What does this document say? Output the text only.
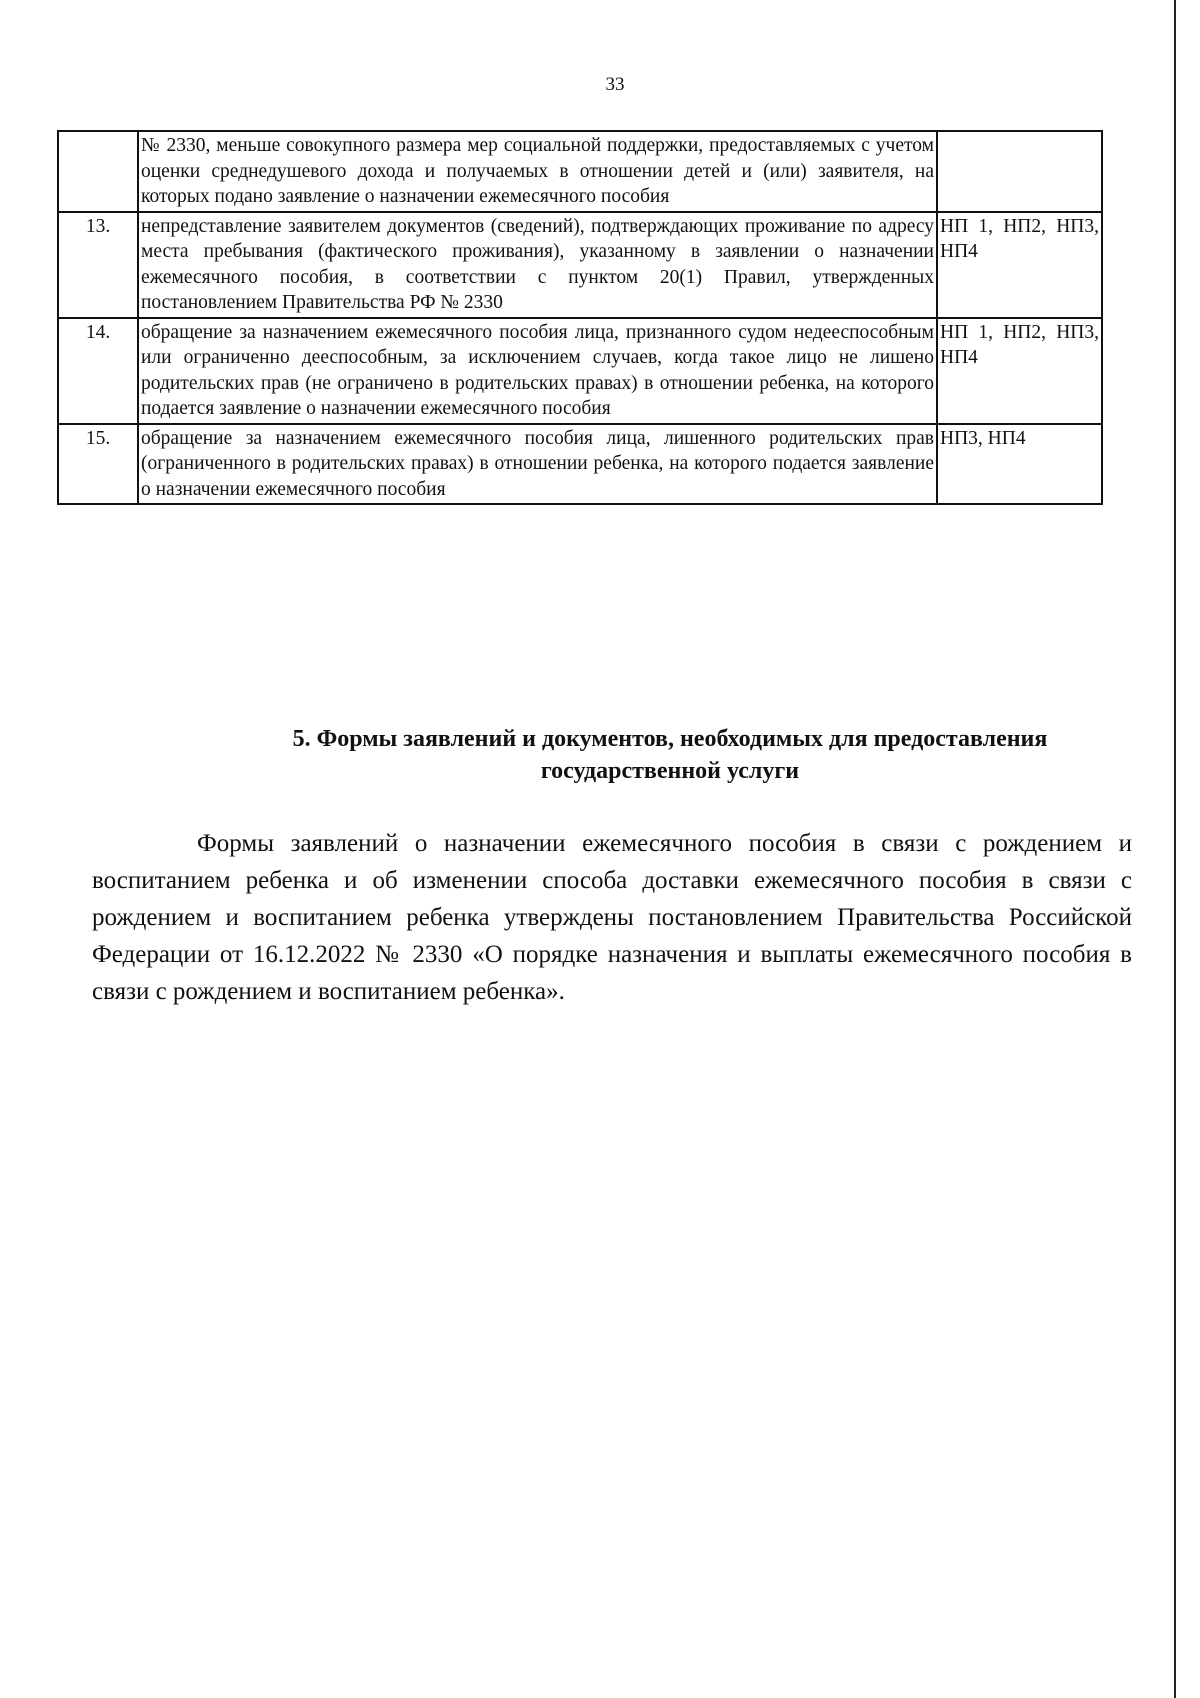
33
	№ 2330, меньше совокупного размера мер социальной поддержки, предоставляемых с учетом оценки среднедушевого дохода и получаемых в отношении детей и (или) заявителя, на которых подано заявление о назначении ежемесячного пособия	
13.	непредставление заявителем документов (сведений), подтверждающих проживание по адресу места пребывания (фактического проживания), указанному в заявлении о назначении ежемесячного пособия, в соответствии с пунктом 20(1) Правил, утвержденных постановлением Правительства РФ № 2330	НП 1, НП2, НП3, НП4
14.	обращение за назначением ежемесячного пособия лица, признанного судом недееспособным или ограниченно дееспособным, за исключением случаев, когда такое лицо не лишено родительских прав (не ограничено в родительских правах) в отношении ребенка, на которого подается заявление о назначении ежемесячного пособия	НП 1, НП2, НП3, НП4
15.	обращение за назначением ежемесячного пособия лица, лишенного родительских прав (ограниченного в родительских правах) в отношении ребенка, на которого подается заявление о назначении ежемесячного пособия	НП3, НП4
5. Формы заявлений и документов, необходимых для предоставления
государственной услуги
Формы заявлений о назначении ежемесячного пособия в связи с рождением и воспитанием ребенка и об изменении способа доставки ежемесячного пособия в связи с рождением и воспитанием ребенка утверждены постановлением Правительства Российской Федерации от 16.12.2022 № 2330 «О порядке назначения и выплаты ежемесячного пособия в связи с рождением и воспитанием ребенка».
